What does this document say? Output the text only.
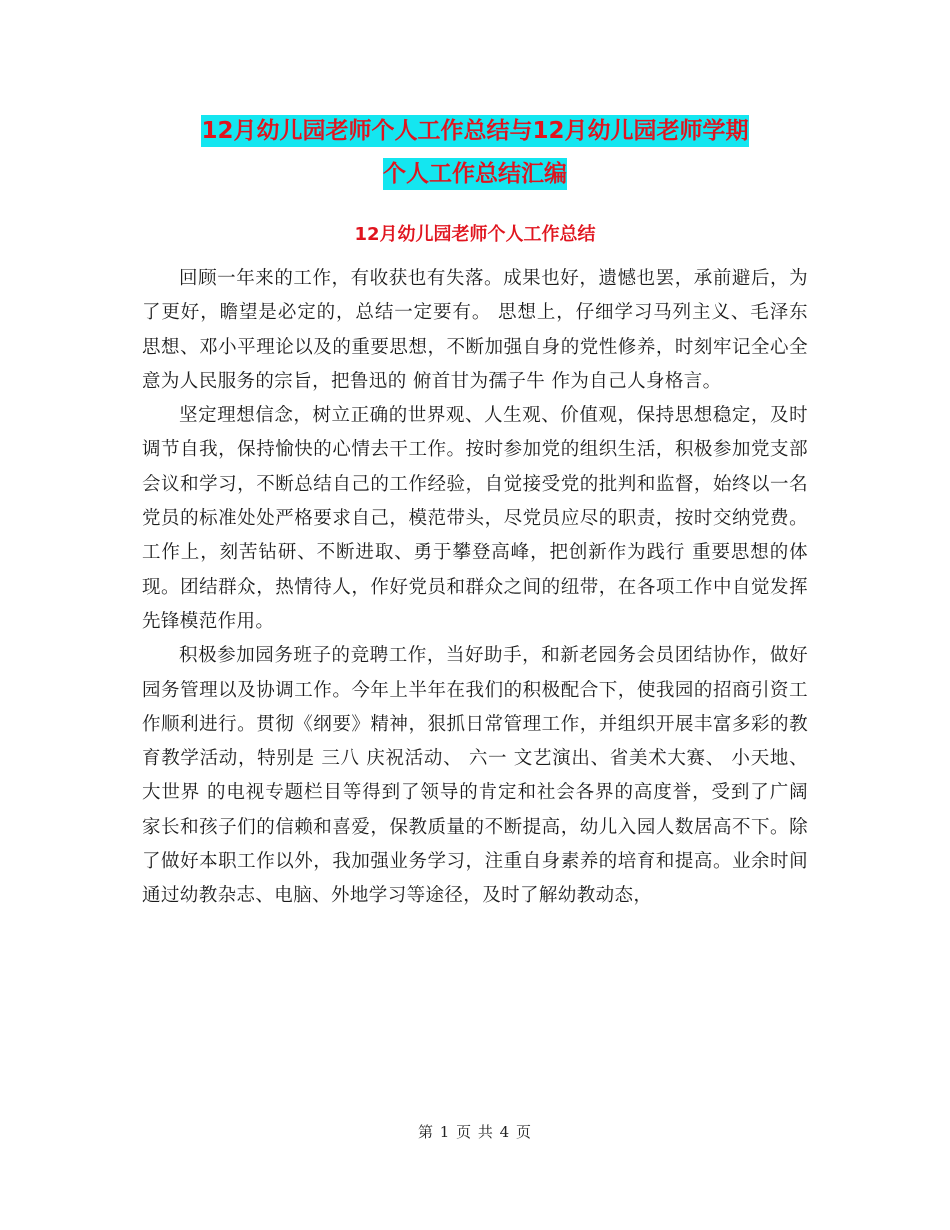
12月幼儿园老师个人工作总结与12月幼儿园老师学期
个人工作总结汇编
12月幼儿园老师个人工作总结

回顾一年来的工作，有收获也有失落。成果也好，遗憾也罢，承前避后，为了更好，瞻望是必定的，总结一定要有。 思想上，仔细学习马列主义、毛泽东思想、邓小平理论以及的重要思想，不断加强自身的党性修养，时刻牢记全心全意为人民服务的宗旨，把鲁迅的 俯首甘为孺子牛 作为自己人身格言。

坚定理想信念，树立正确的世界观、人生观、价值观，保持思想稳定，及时调节自我，保持愉快的心情去干工作。按时参加党的组织生活，积极参加党支部会议和学习，不断总结自己的工作经验，自觉接受党的批判和监督，始终以一名党员的标准处处严格要求自己，模范带头，尽党员应尽的职责，按时交纳党费。 工作上，刻苦钻研、不断进取、勇于攀登高峰，把创新作为践行 重要思想的体现。团结群众，热情待人，作好党员和群众之间的纽带，在各项工作中自觉发挥先锋模范作用。

积极参加园务班子的竞聘工作，当好助手，和新老园务会员团结协作，做好园务管理以及协调工作。今年上半年在我们的积极配合下，使我园的招商引资工作顺利进行。贯彻《纲要》精神，狠抓日常管理工作，并组织开展丰富多彩的教育教学活动，特别是 三八 庆祝活动、 六一 文艺演出、省美术大赛、 小天地、大世界 的电视专题栏目等得到了领导的肯定和社会各界的高度誉，受到了广阔家长和孩子们的信赖和喜爱，保教质量的不断提高，幼儿入园人数居高不下。除了做好本职工作以外，我加强业务学习，注重自身素养的培育和提高。业余时间通过幼教杂志、电脑、外地学习等途径，及时了解幼教动态，

第 1 页 共 4 页
